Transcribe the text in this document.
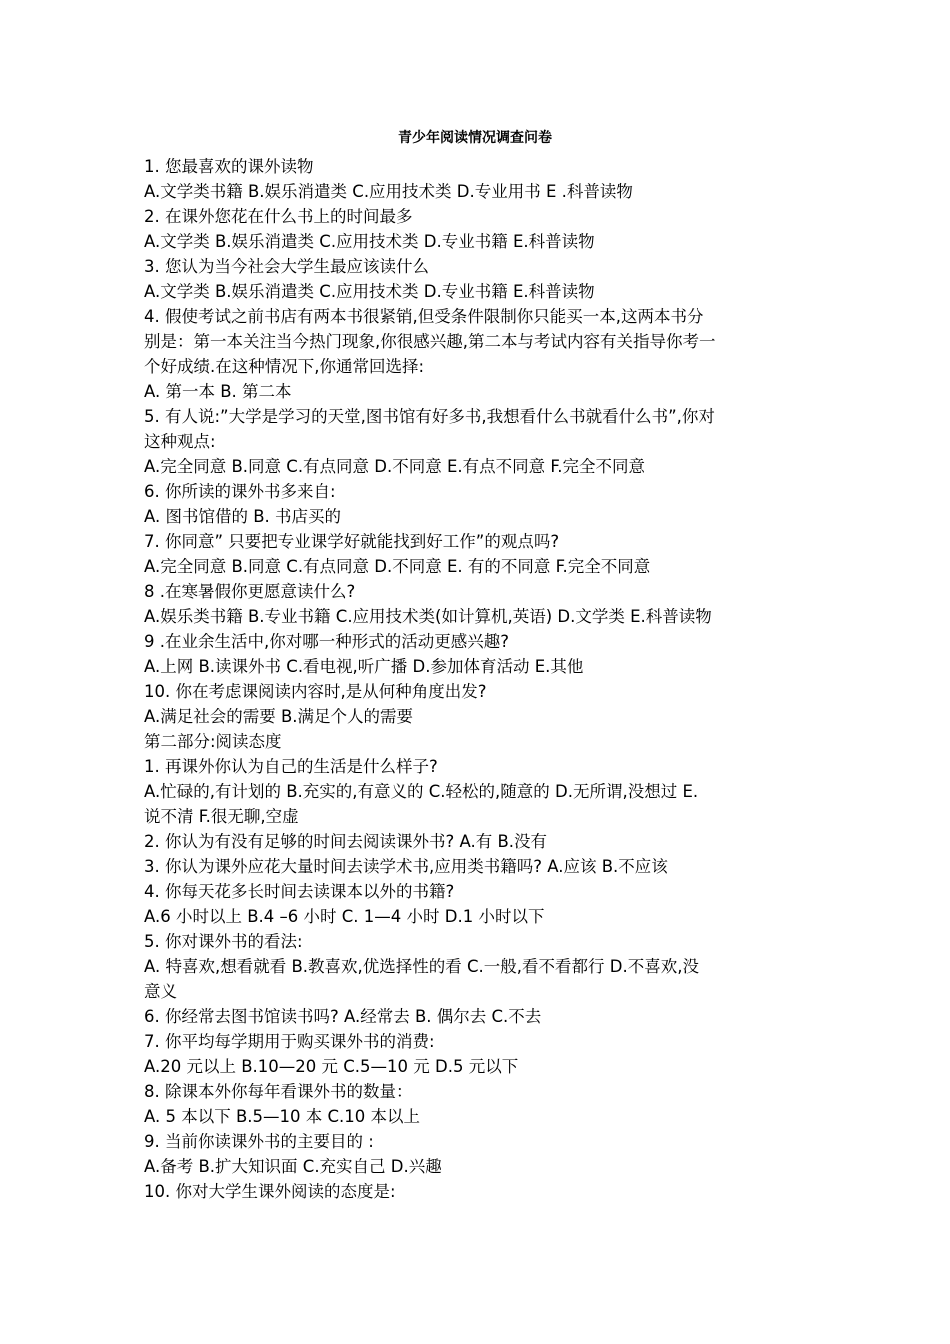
青少年阅读情况调查问卷
1. 您最喜欢的课外读物
A.文学类书籍 B.娱乐消遣类 C.应用技术类 D.专业用书 E .科普读物
2. 在课外您花在什么书上的时间最多
A.文学类 B.娱乐消遣类 C.应用技术类 D.专业书籍 E.科普读物
3. 您认为当今社会大学生最应该读什么
A.文学类 B.娱乐消遣类 C.应用技术类 D.专业书籍 E.科普读物
4. 假使考试之前书店有两本书很紧销,但受条件限制你只能买一本,这两本书分
别是：第一本关注当今热门现象,你很感兴趣,第二本与考试内容有关指导你考一
个好成绩.在这种情况下,你通常回选择:
A. 第一本 B. 第二本
5. 有人说:”大学是学习的天堂,图书馆有好多书,我想看什么书就看什么书”,你对
这种观点:
A.完全同意 B.同意 C.有点同意 D.不同意 E.有点不同意 F.完全不同意
6. 你所读的课外书多来自:
A. 图书馆借的 B. 书店买的
7. 你同意” 只要把专业课学好就能找到好工作”的观点吗?
A.完全同意 B.同意 C.有点同意 D.不同意 E. 有的不同意 F.完全不同意
8 .在寒暑假你更愿意读什么?
A.娱乐类书籍 B.专业书籍 C.应用技术类(如计算机,英语) D.文学类 E.科普读物
9 .在业余生活中,你对哪一种形式的活动更感兴趣?
A.上网 B.读课外书 C.看电视,听广播 D.参加体育活动 E.其他
10. 你在考虑课阅读内容时,是从何种角度出发?
A.满足社会的需要 B.满足个人的需要
第二部分:阅读态度
1. 再课外你认为自己的生活是什么样子?
A.忙碌的,有计划的 B.充实的,有意义的 C.轻松的,随意的 D.无所谓,没想过 E.
说不清 F.很无聊,空虚
2. 你认为有没有足够的时间去阅读课外书? A.有 B.没有
3. 你认为课外应花大量时间去读学术书,应用类书籍吗? A.应该 B.不应该
4. 你每天花多长时间去读课本以外的书籍?
A.6 小时以上 B.4 –6 小时 C. 1—4 小时 D.1 小时以下
5. 你对课外书的看法:
A. 特喜欢,想看就看 B.教喜欢,优选择性的看 C.一般,看不看都行 D.不喜欢,没
意义
6. 你经常去图书馆读书吗? A.经常去 B. 偶尔去 C.不去
7. 你平均每学期用于购买课外书的消费:
A.20 元以上 B.10—20 元 C.5—10 元 D.5 元以下
8. 除课本外你每年看课外书的数量：
A. 5 本以下 B.5—10 本 C.10 本以上
9. 当前你读课外书的主要目的 :
A.备考 B.扩大知识面 C.充实自己 D.兴趣
10. 你对大学生课外阅读的态度是:
